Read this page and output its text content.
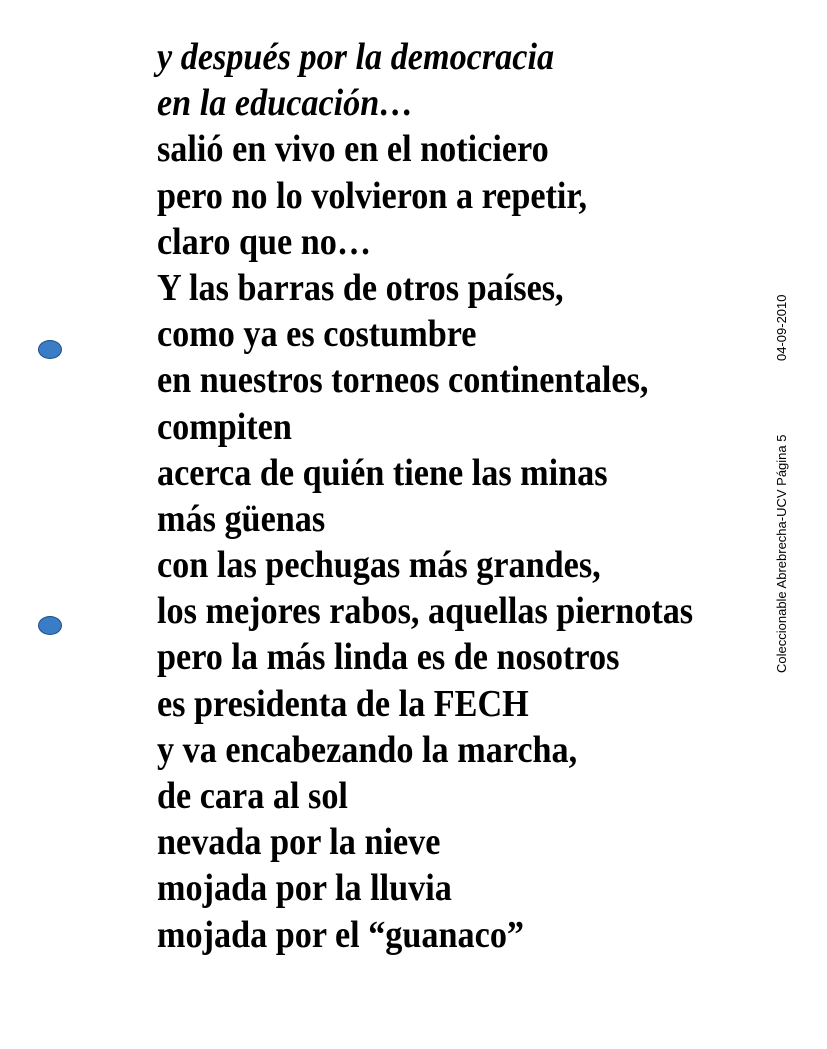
y después por la democracia
en la educación…
salió en vivo en el noticiero
pero no lo volvieron a repetir,
claro que no…
Y las barras de otros países,
como ya es costumbre
en nuestros torneos continentales,
compiten
acerca de quién tiene las minas
más güenas
con las pechugas más grandes,
los mejores rabos, aquellas piernotas
pero la más linda es de nosotros
es presidenta de la FECH
y va encabezando la marcha,
de cara al sol
nevada por la nieve
mojada por la lluvia
mojada por el “guanaco”
04-09-2010
Coleccionable Abrebrecha-UCV Página 5
